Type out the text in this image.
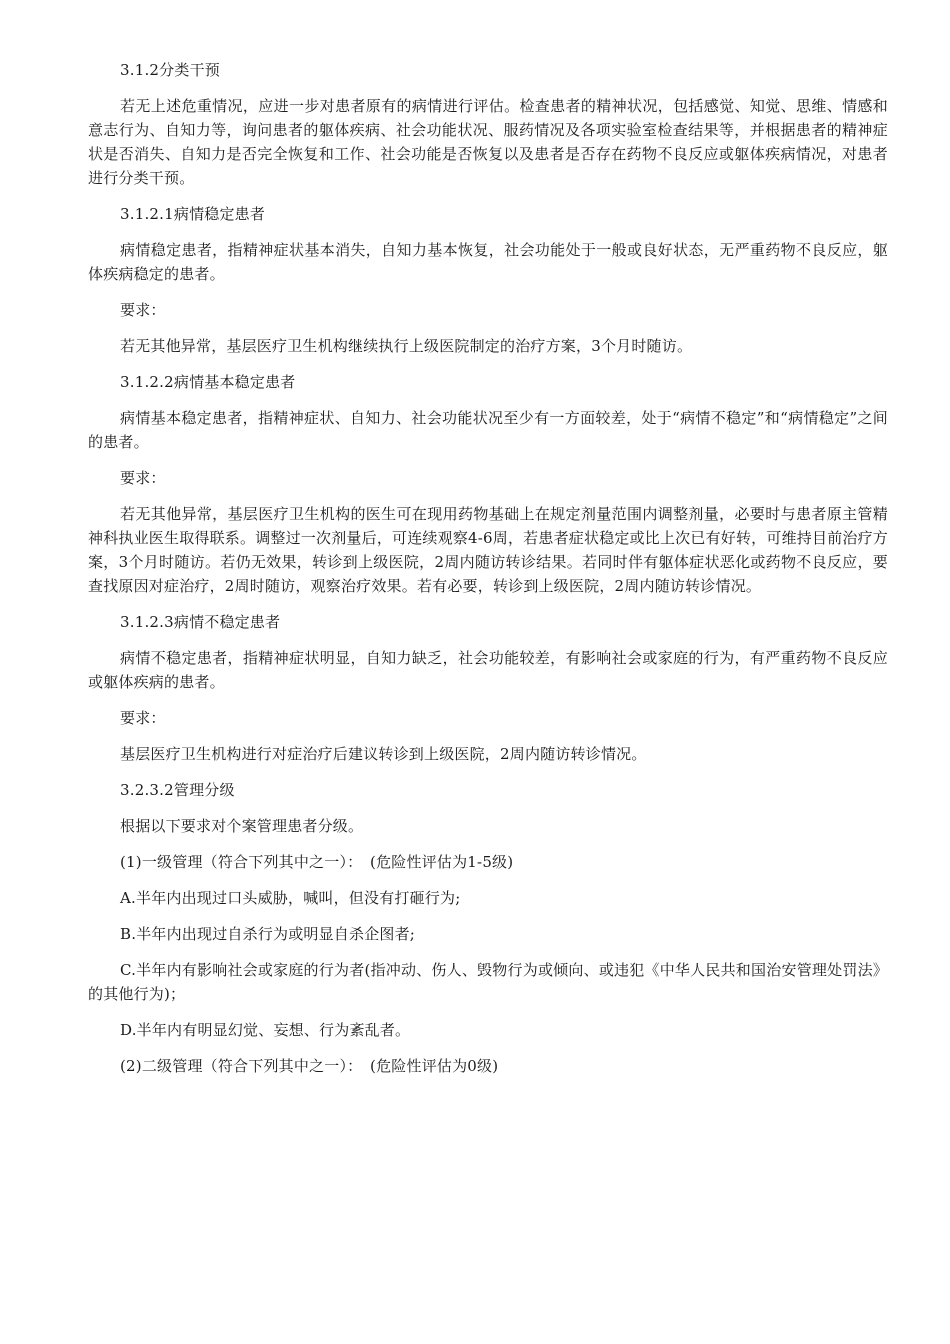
3.1.2分类干预

若无上述危重情况，应进一步对患者原有的病情进行评估。检查患者的精神状况，包括感觉、知觉、思维、情感和意志行为、自知力等，询问患者的躯体疾病、社会功能状况、服药情况及各项实验室检查结果等，并根据患者的精神症状是否消失、自知力是否完全恢复和工作、社会功能是否恢复以及患者是否存在药物不良反应或躯体疾病情况，对患者进行分类干预。

3.1.2.1病情稳定患者

病情稳定患者，指精神症状基本消失，自知力基本恢复，社会功能处于一般或良好状态，无严重药物不良反应，躯体疾病稳定的患者。

要求：

若无其他异常，基层医疗卫生机构继续执行上级医院制定的治疗方案，3个月时随访。

3.1.2.2病情基本稳定患者

病情基本稳定患者，指精神症状、自知力、社会功能状况至少有一方面较差，处于“病情不稳定”和“病情稳定”之间的患者。

要求：

若无其他异常，基层医疗卫生机构的医生可在现用药物基础上在规定剂量范围内调整剂量，必要时与患者原主管精神科执业医生取得联系。调整过一次剂量后，可连续观察4-6周，若患者症状稳定或比上次已有好转，可维持目前治疗方案，3个月时随访。若仍无效果，转诊到上级医院，2周内随访转诊结果。若同时伴有躯体症状恶化或药物不良反应，要查找原因对症治疗，2周时随访，观察治疗效果。若有必要，转诊到上级医院，2周内随访转诊情况。

3.1.2.3病情不稳定患者

病情不稳定患者，指精神症状明显，自知力缺乏，社会功能较差，有影响社会或家庭的行为，有严重药物不良反应或躯体疾病的患者。

要求：

基层医疗卫生机构进行对症治疗后建议转诊到上级医院，2周内随访转诊情况。

3.2.3.2管理分级

根据以下要求对个案管理患者分级。

(1)一级管理（符合下列其中之一）：　(危险性评估为1-5级)

A.半年内出现过口头威胁，喊叫，但没有打砸行为;

B.半年内出现过自杀行为或明显自杀企图者;

C.半年内有影响社会或家庭的行为者(指冲动、伤人、毁物行为或倾向、或违犯《中华人民共和国治安管理处罚法》的其他行为)；

D.半年内有明显幻觉、妄想、行为紊乱者。

(2)二级管理（符合下列其中之一）：　(危险性评估为0级)
